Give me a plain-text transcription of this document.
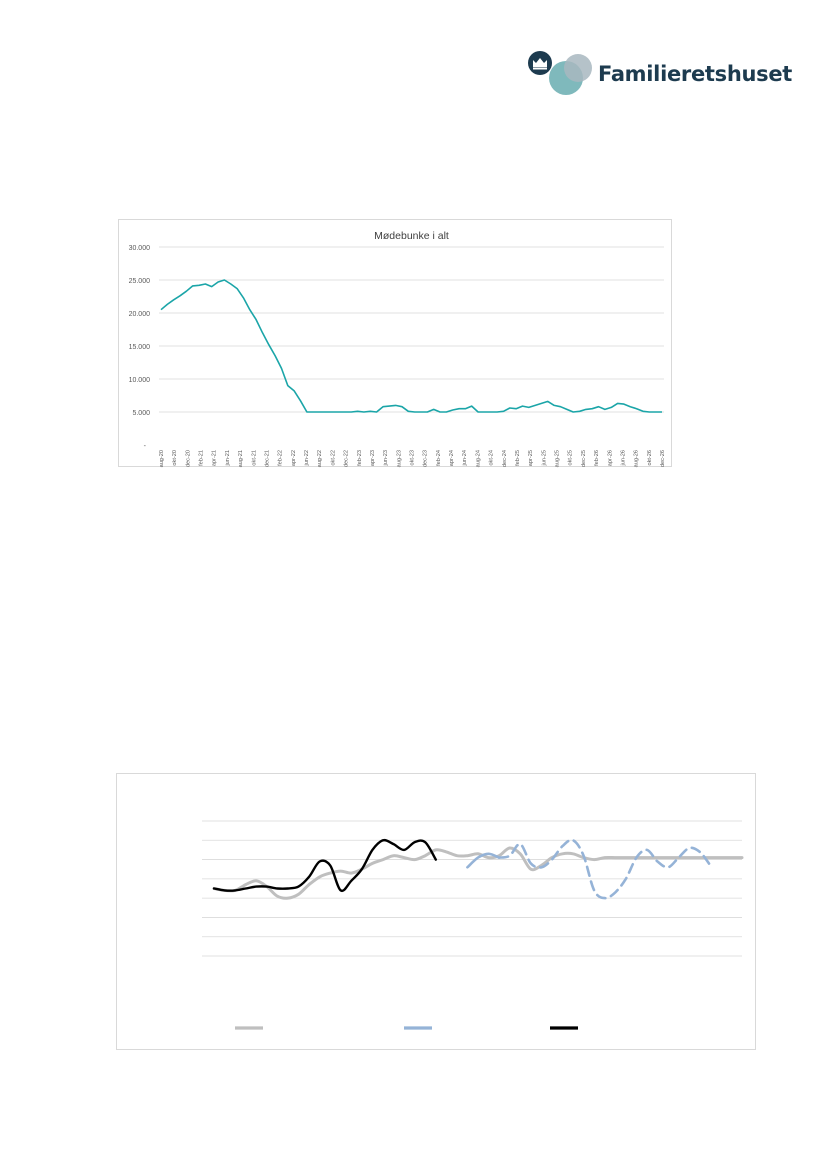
Familieretshuset
Mødebunke i alt
-
5.000
10.000
15.000
20.000
25.000
30.000
aug-20 okt-20 dec-20 feb-21 apr-21 jun-21 aug-21 okt-21 dec-21 feb-22 apr-22 jun-22 aug-22 okt-22 dec-22 feb-23 apr-23 jun-23 aug-23 okt-23 dec-23 feb-24 apr-24 jun-24 aug-24 okt-24 dec-24 feb-25 apr-25 jun-25 aug-25 okt-25 dec-25 feb-26 apr-26 jun-26 aug-26 okt-26 dec-26
